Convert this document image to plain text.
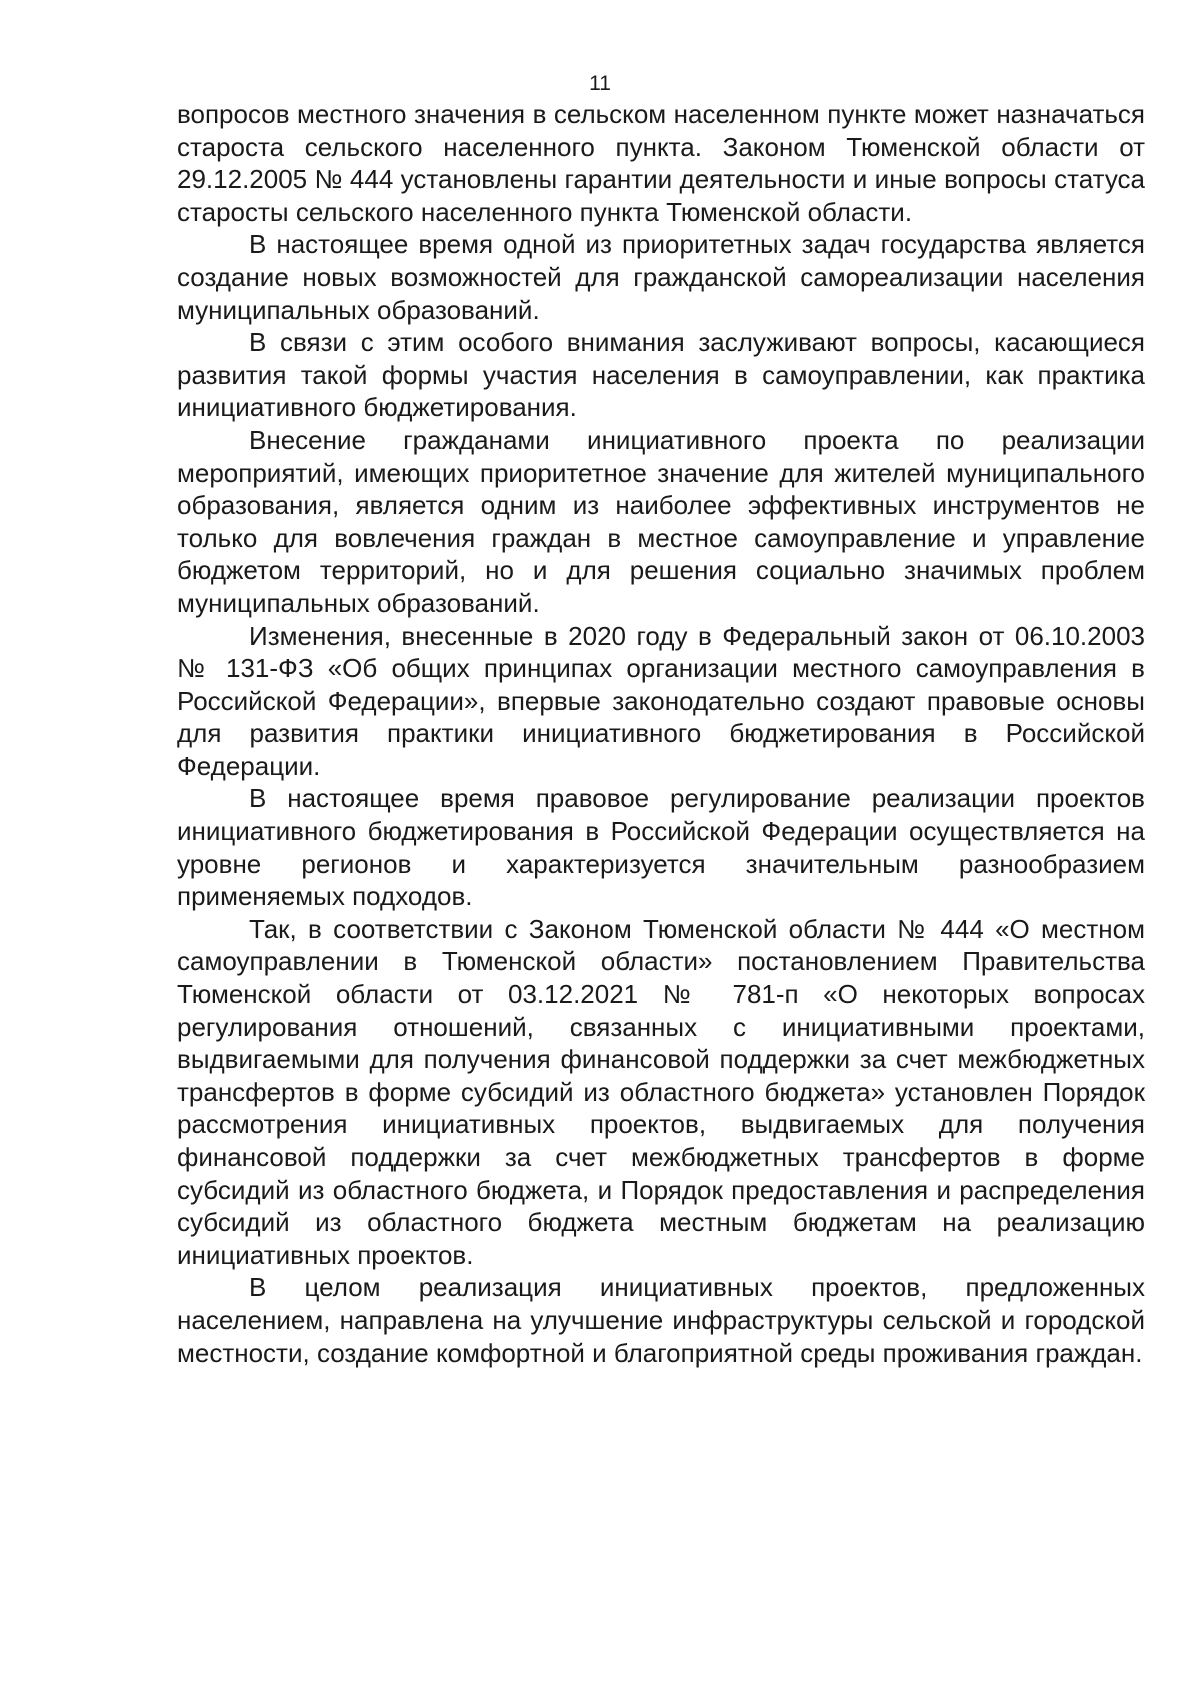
11

вопросов местного значения в сельском населенном пункте может назначаться староста сельского населенного пункта. Законом Тюменской области от 29.12.2005 № 444 установлены гарантии деятельности и иные вопросы статуса старосты сельского населенного пункта Тюменской области.

В настоящее время одной из приоритетных задач государства является создание новых возможностей для гражданской самореализации населения муниципальных образований.

В связи с этим особого внимания заслуживают вопросы, касающиеся развития такой формы участия населения в самоуправлении, как практика инициативного бюджетирования.

Внесение гражданами инициативного проекта по реализации мероприятий, имеющих приоритетное значение для жителей муниципального образования, является одним из наиболее эффективных инструментов не только для вовлечения граждан в местное самоуправление и управление бюджетом территорий, но и для решения социально значимых проблем муниципальных образований.

Изменения, внесенные в 2020 году в Федеральный закон от 06.10.2003 № 131-ФЗ «Об общих принципах организации местного самоуправления в Российской Федерации», впервые законодательно создают правовые основы для развития практики инициативного бюджетирования в Российской Федерации.

В настоящее время правовое регулирование реализации проектов инициативного бюджетирования в Российской Федерации осуществляется на уровне регионов и характеризуется значительным разнообразием применяемых подходов.

Так, в соответствии с Законом Тюменской области № 444 «О местном самоуправлении в Тюменской области» постановлением Правительства Тюменской области от 03.12.2021 № 781-п «О некоторых вопросах регулирования отношений, связанных с инициативными проектами, выдвигаемыми для получения финансовой поддержки за счет межбюджетных трансфертов в форме субсидий из областного бюджета» установлен Порядок рассмотрения инициативных проектов, выдвигаемых для получения финансовой поддержки за счет межбюджетных трансфертов в форме субсидий из областного бюджета, и Порядок предоставления и распределения субсидий из областного бюджета местным бюджетам на реализацию инициативных проектов.

В целом реализация инициативных проектов, предложенных населением, направлена на улучшение инфраструктуры сельской и городской местности, создание комфортной и благоприятной среды проживания граждан.
